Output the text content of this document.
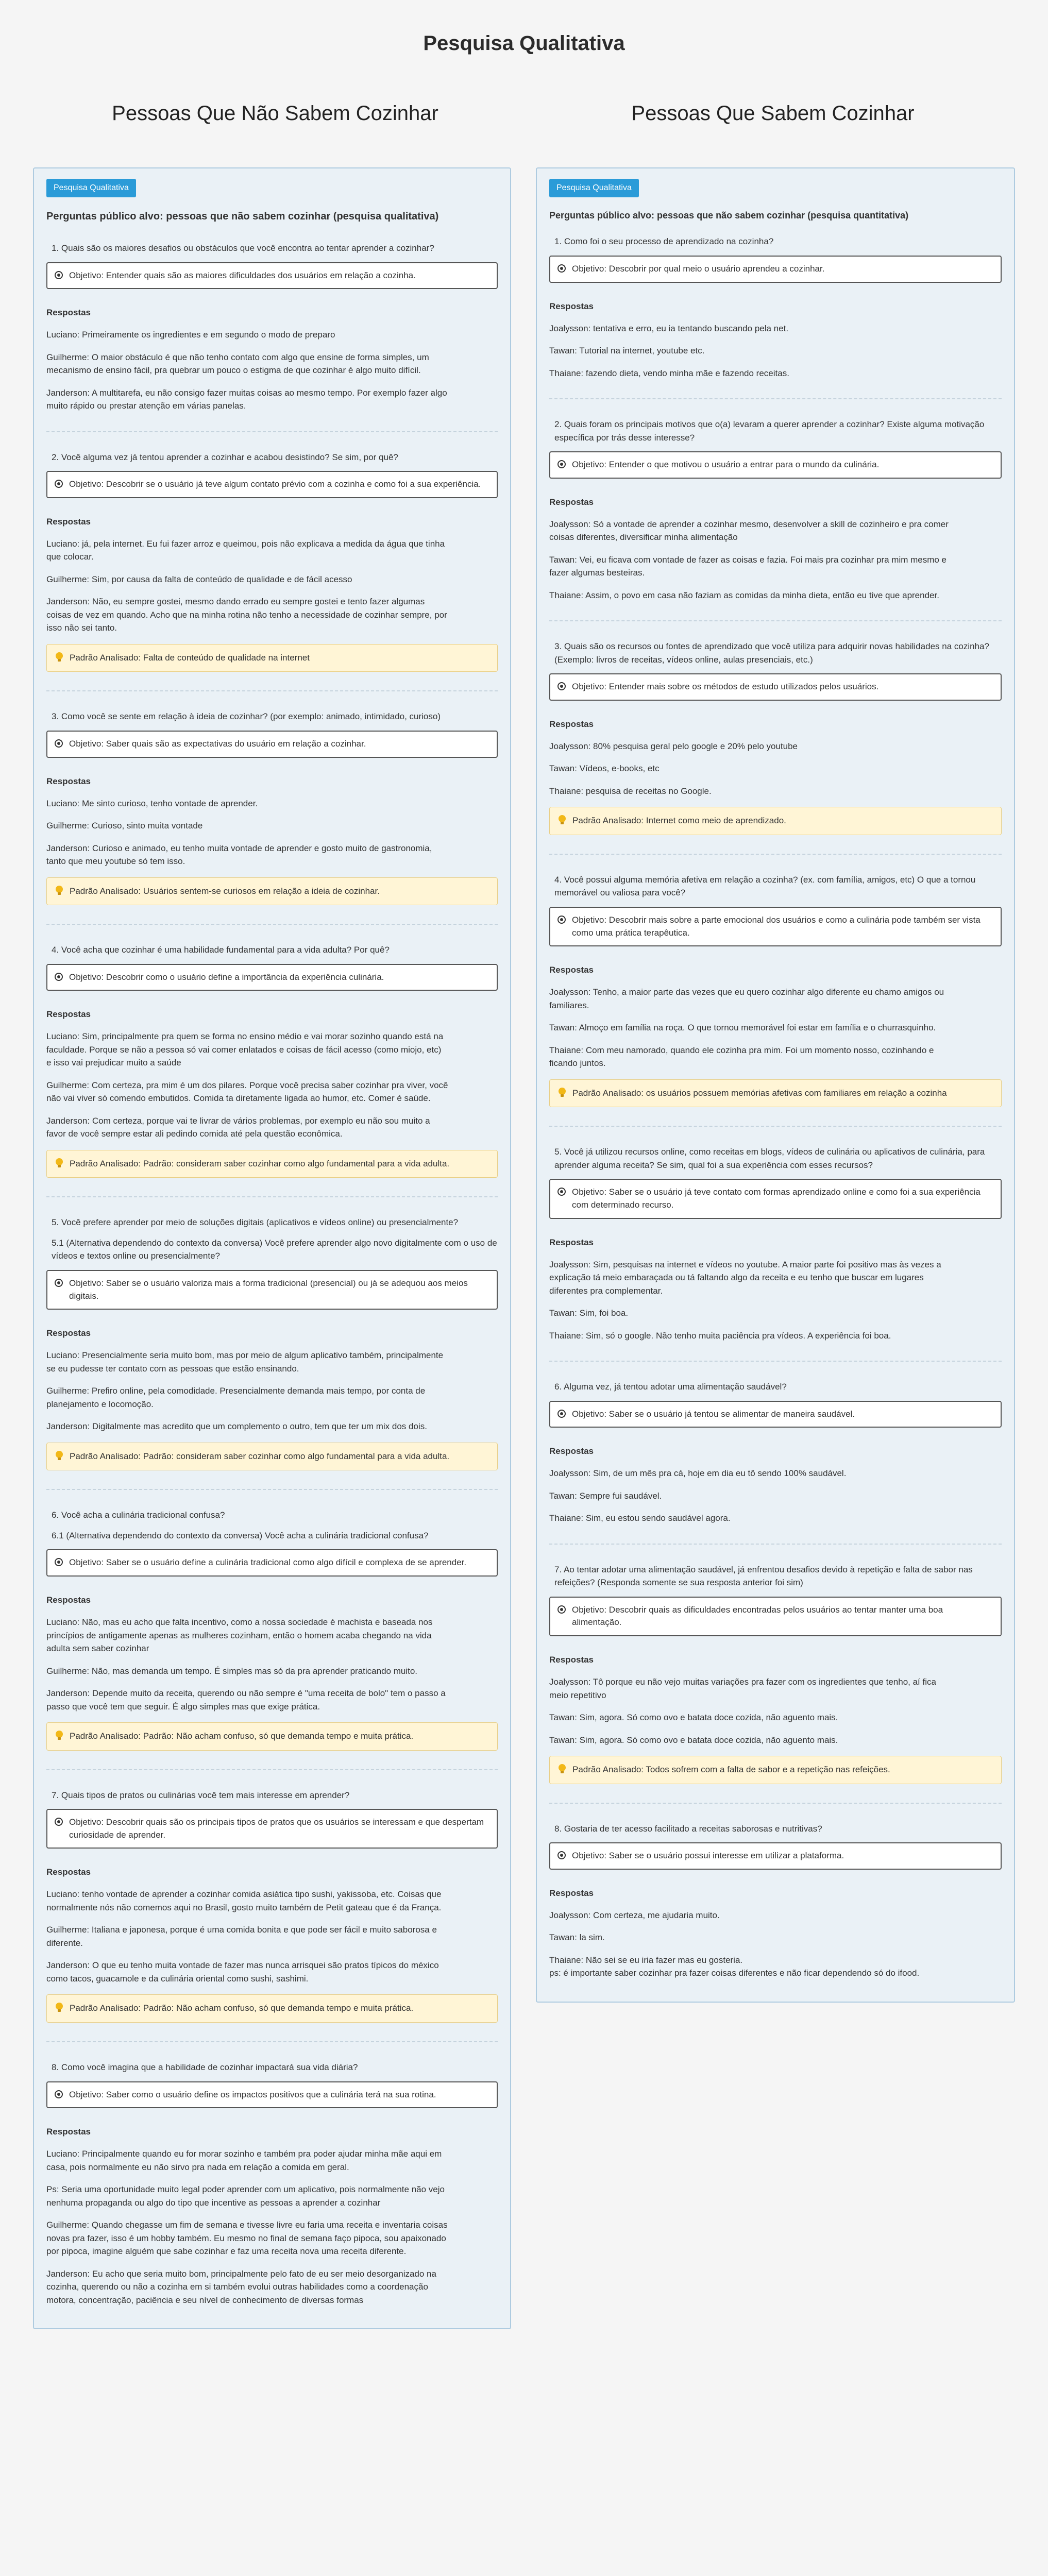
Pesquisa Qualitativa
Pessoas Que Não Sabem Cozinhar	Pessoas Que Sabem Cozinhar
Pesquisa Qualitativa
Perguntas público alvo: pessoas que não sabem cozinhar (pesquisa qualitativa)
1. Quais são os maiores desafios ou obstáculos que você encontra ao tentar aprender a cozinhar?
Objetivo: Entender quais são as maiores dificuldades dos usuários em relação a cozinha.
Respostas
Luciano: Primeiramente os ingredientes e em segundo o modo de preparo
Guilherme: O maior obstáculo é que não tenho contato com algo que ensine de forma simples, um mecanismo de ensino fácil, pra quebrar um pouco o estigma de que cozinhar é algo muito difícil.
Janderson: A multitarefa, eu não consigo fazer muitas coisas ao mesmo tempo. Por exemplo fazer algo muito rápido ou prestar atenção em várias panelas.
2. Você alguma vez já tentou aprender a cozinhar e acabou desistindo? Se sim, por quê?
Objetivo: Descobrir se o usuário já teve algum contato prévio com a cozinha e como foi a sua experiência.
Respostas
Luciano: já, pela internet. Eu fui fazer arroz e queimou, pois não explicava a medida da água que tinha que colocar.
Guilherme: Sim, por causa da falta de conteúdo de qualidade e de fácil acesso
Janderson: Não, eu sempre gostei, mesmo dando errado eu sempre gostei e tento fazer algumas coisas de vez em quando. Acho que na minha rotina não tenho a necessidade de cozinhar sempre, por isso não sei tanto.
Padrão Analisado: Falta de conteúdo de qualidade na internet
3. Como você se sente em relação à ideia de cozinhar? (por exemplo: animado, intimidado, curioso)
Objetivo: Saber quais são as expectativas do usuário em relação a cozinhar.
Respostas
Luciano: Me sinto curioso, tenho vontade de aprender.
Guilherme: Curioso, sinto muita vontade
Janderson: Curioso e animado, eu tenho muita vontade de aprender e gosto muito de gastronomia, tanto que meu youtube só tem isso.
Padrão Analisado: Usuários sentem-se curiosos em relação a ideia de cozinhar.
4. Você acha que cozinhar é uma habilidade fundamental para a vida adulta? Por quê?
Objetivo: Descobrir como o usuário define a importância da experiência culinária.
Respostas
Luciano: Sim, principalmente pra quem se forma no ensino médio e vai morar sozinho quando está na faculdade. Porque se não a pessoa só vai comer enlatados e coisas de fácil acesso (como miojo, etc) e isso vai prejudicar muito a saúde
Guilherme: Com certeza, pra mim é um dos pilares. Porque você precisa saber cozinhar pra viver, você não vai viver só comendo embutidos. Comida ta diretamente ligada ao humor, etc. Comer é saúde.
Janderson: Com certeza, porque vai te livrar de vários problemas, por exemplo eu não sou muito a favor de você sempre estar ali pedindo comida até pela questão econômica.
Padrão Analisado: Padrão: consideram saber cozinhar como algo fundamental para a vida adulta.
5. Você prefere aprender por meio de soluções digitais (aplicativos e vídeos online) ou presencialmente?
5.1 (Alternativa dependendo do contexto da conversa) Você prefere aprender algo novo digitalmente com o uso de vídeos e textos online ou presencialmente?
Objetivo: Saber se o usuário valoriza mais a forma tradicional (presencial) ou já se adequou aos meios digitais.
Respostas
Luciano: Presencialmente seria muito bom, mas por meio de algum aplicativo também, principalmente se eu pudesse ter contato com as pessoas que estão ensinando.
Guilherme: Prefiro online, pela comodidade. Presencialmente demanda mais tempo, por conta de planejamento e locomoção.
Janderson: Digitalmente mas acredito que um complemento o outro, tem que ter um mix dos dois.
Padrão Analisado: Padrão: consideram saber cozinhar como algo fundamental para a vida adulta.
6. Você acha a culinária tradicional confusa?
6.1 (Alternativa dependendo do contexto da conversa) Você acha a culinária tradicional confusa?
Objetivo: Saber se o usuário define a culinária tradicional como algo difícil e complexa de se aprender.
Respostas
Luciano: Não, mas eu acho que falta incentivo, como a nossa sociedade é machista e baseada nos princípios de antigamente apenas as mulheres cozinham, então o homem acaba chegando na vida adulta sem saber cozinhar
Guilherme: Não, mas demanda um tempo. É simples mas só da pra aprender praticando muito.
Janderson: Depende muito da receita, querendo ou não sempre é "uma receita de bolo" tem o passo a passo que você tem que seguir. É algo simples mas que exige prática.
Padrão Analisado: Padrão: Não acham confuso, só que demanda tempo e muita prática.
7. Quais tipos de pratos ou culinárias você tem mais interesse em aprender?
Objetivo: Descobrir quais são os principais tipos de pratos que os usuários se interessam e que despertam curiosidade de aprender.
Respostas
Luciano: tenho vontade de aprender a cozinhar comida asiática tipo sushi, yakissoba, etc. Coisas que normalmente nós não comemos aqui no Brasil, gosto muito também de Petit gateau que é da França.
Guilherme: Italiana e japonesa, porque é uma comida bonita e que pode ser fácil e muito saborosa e diferente.
Janderson: O que eu tenho muita vontade de fazer mas nunca arrisquei são pratos típicos do méxico como tacos, guacamole e da culinária oriental como sushi, sashimi.
Padrão Analisado: Padrão: Não acham confuso, só que demanda tempo e muita prática.
8. Como você imagina que a habilidade de cozinhar impactará sua vida diária?
Objetivo: Saber como o usuário define os impactos positivos que a culinária terá na sua rotina.
Respostas
Luciano: Principalmente quando eu for morar sozinho e também pra poder ajudar minha mãe aqui em casa, pois normalmente eu não sirvo pra nada em relação a comida em geral.
Ps: Seria uma oportunidade muito legal poder aprender com um aplicativo, pois normalmente não vejo nenhuma propaganda ou algo do tipo que incentive as pessoas a aprender a cozinhar
Guilherme: Quando chegasse um fim de semana e tivesse livre eu faria uma receita e inventaria coisas novas pra fazer, isso é um hobby também. Eu mesmo no final de semana faço pipoca, sou apaixonado por pipoca, imagine alguém que sabe cozinhar e faz uma receita nova uma receita diferente.
Janderson: Eu acho que seria muito bom, principalmente pelo fato de eu ser meio desorganizado na cozinha, querendo ou não a cozinha em si também evolui outras habilidades como a coordenação motora, concentração, paciência e seu nível de conhecimento de diversas formas
Pesquisa Qualitativa
Perguntas público alvo: pessoas que não sabem cozinhar (pesquisa quantitativa)
1. Como foi o seu processo de aprendizado na cozinha?
Objetivo: Descobrir por qual meio o usuário aprendeu a cozinhar.
Respostas
Joalysson: tentativa e erro, eu ia tentando buscando pela net.
Tawan: Tutorial na internet, youtube etc.
Thaiane: fazendo dieta, vendo minha mãe e fazendo receitas.
2. Quais foram os principais motivos que o(a) levaram a querer aprender a cozinhar? Existe alguma motivação específica por trás desse interesse?
Objetivo: Entender o que motivou o usuário a entrar para o mundo da culinária.
Respostas
Joalysson: Só a vontade de aprender a cozinhar mesmo, desenvolver a skill de cozinheiro e pra comer coisas diferentes, diversificar minha alimentação
Tawan: Vei, eu ficava com vontade de fazer as coisas e fazia. Foi mais pra cozinhar pra mim mesmo e fazer algumas besteiras.
Thaiane: Assim, o povo em casa não faziam as comidas da minha dieta, então eu tive que aprender.
3. Quais são os recursos ou fontes de aprendizado que você utiliza para adquirir novas habilidades na cozinha? (Exemplo: livros de receitas, vídeos online, aulas presenciais, etc.)
Objetivo: Entender mais sobre os métodos de estudo utilizados pelos usuários.
Respostas
Joalysson: 80% pesquisa geral pelo google e 20% pelo youtube
Tawan: Vídeos, e-books, etc
Thaiane: pesquisa de receitas no Google.
Padrão Analisado: Internet como meio de aprendizado.
4. Você possui alguma memória afetiva em relação a cozinha? (ex. com família, amigos, etc) O que a tornou memorável ou valiosa para você?
Objetivo: Descobrir mais sobre a parte emocional dos usuários e como a culinária pode também ser vista como uma prática terapêutica.
Respostas
Joalysson: Tenho, a maior parte das vezes que eu quero cozinhar algo diferente eu chamo amigos ou familiares.
Tawan: Almoço em família na roça. O que tornou memorável foi estar em família e o churrasquinho.
Thaiane: Com meu namorado, quando ele cozinha pra mim. Foi um momento nosso, cozinhando e ficando juntos.
Padrão Analisado: os usuários possuem memórias afetivas com familiares em relação a cozinha
5. Você já utilizou recursos online, como receitas em blogs, vídeos de culinária ou aplicativos de culinária, para aprender alguma receita? Se sim, qual foi a sua experiência com esses recursos?
Objetivo: Saber se o usuário já teve contato com formas aprendizado online e como foi a sua experiência com determinado recurso.
Respostas
Joalysson: Sim, pesquisas na internet e vídeos no youtube. A maior parte foi positivo mas às vezes a explicação tá meio embaraçada ou tá faltando algo da receita e eu tenho que buscar em lugares diferentes pra complementar.
Tawan: Sim, foi boa.
Thaiane: Sim, só o google. Não tenho muita paciência pra vídeos. A experiência foi boa.
6. Alguma vez, já tentou adotar uma alimentação saudável?
Objetivo: Saber se o usuário já tentou se alimentar de maneira saudável.
Respostas
Joalysson: Sim, de um mês pra cá, hoje em dia eu tô sendo 100% saudável.
Tawan: Sempre fui saudável.
Thaiane: Sim, eu estou sendo saudável agora.
7. Ao tentar adotar uma alimentação saudável, já enfrentou desafios devido à repetição e falta de sabor nas refeições? (Responda somente se sua resposta anterior foi sim)
Objetivo: Descobrir quais as dificuldades encontradas pelos usuários ao tentar manter uma boa alimentação.
Respostas
Joalysson: Tô porque eu não vejo muitas variações pra fazer com os ingredientes que tenho, aí fica meio repetitivo
Tawan: Sim, agora. Só como ovo e batata doce cozida, não aguento mais.
Tawan: Sim, agora. Só como ovo e batata doce cozida, não aguento mais.
Padrão Analisado: Todos sofrem com a falta de sabor e a repetição nas refeições.
8. Gostaria de ter acesso facilitado a receitas saborosas e nutritivas?
Objetivo: Saber se o usuário possui interesse em utilizar a plataforma.
Respostas
Joalysson: Com certeza, me ajudaria muito.
Tawan: la sim.
Thaiane: Não sei se eu iria fazer mas eu gosteria.
ps: é importante saber cozinhar pra fazer coisas diferentes e não ficar dependendo só do ifood.
